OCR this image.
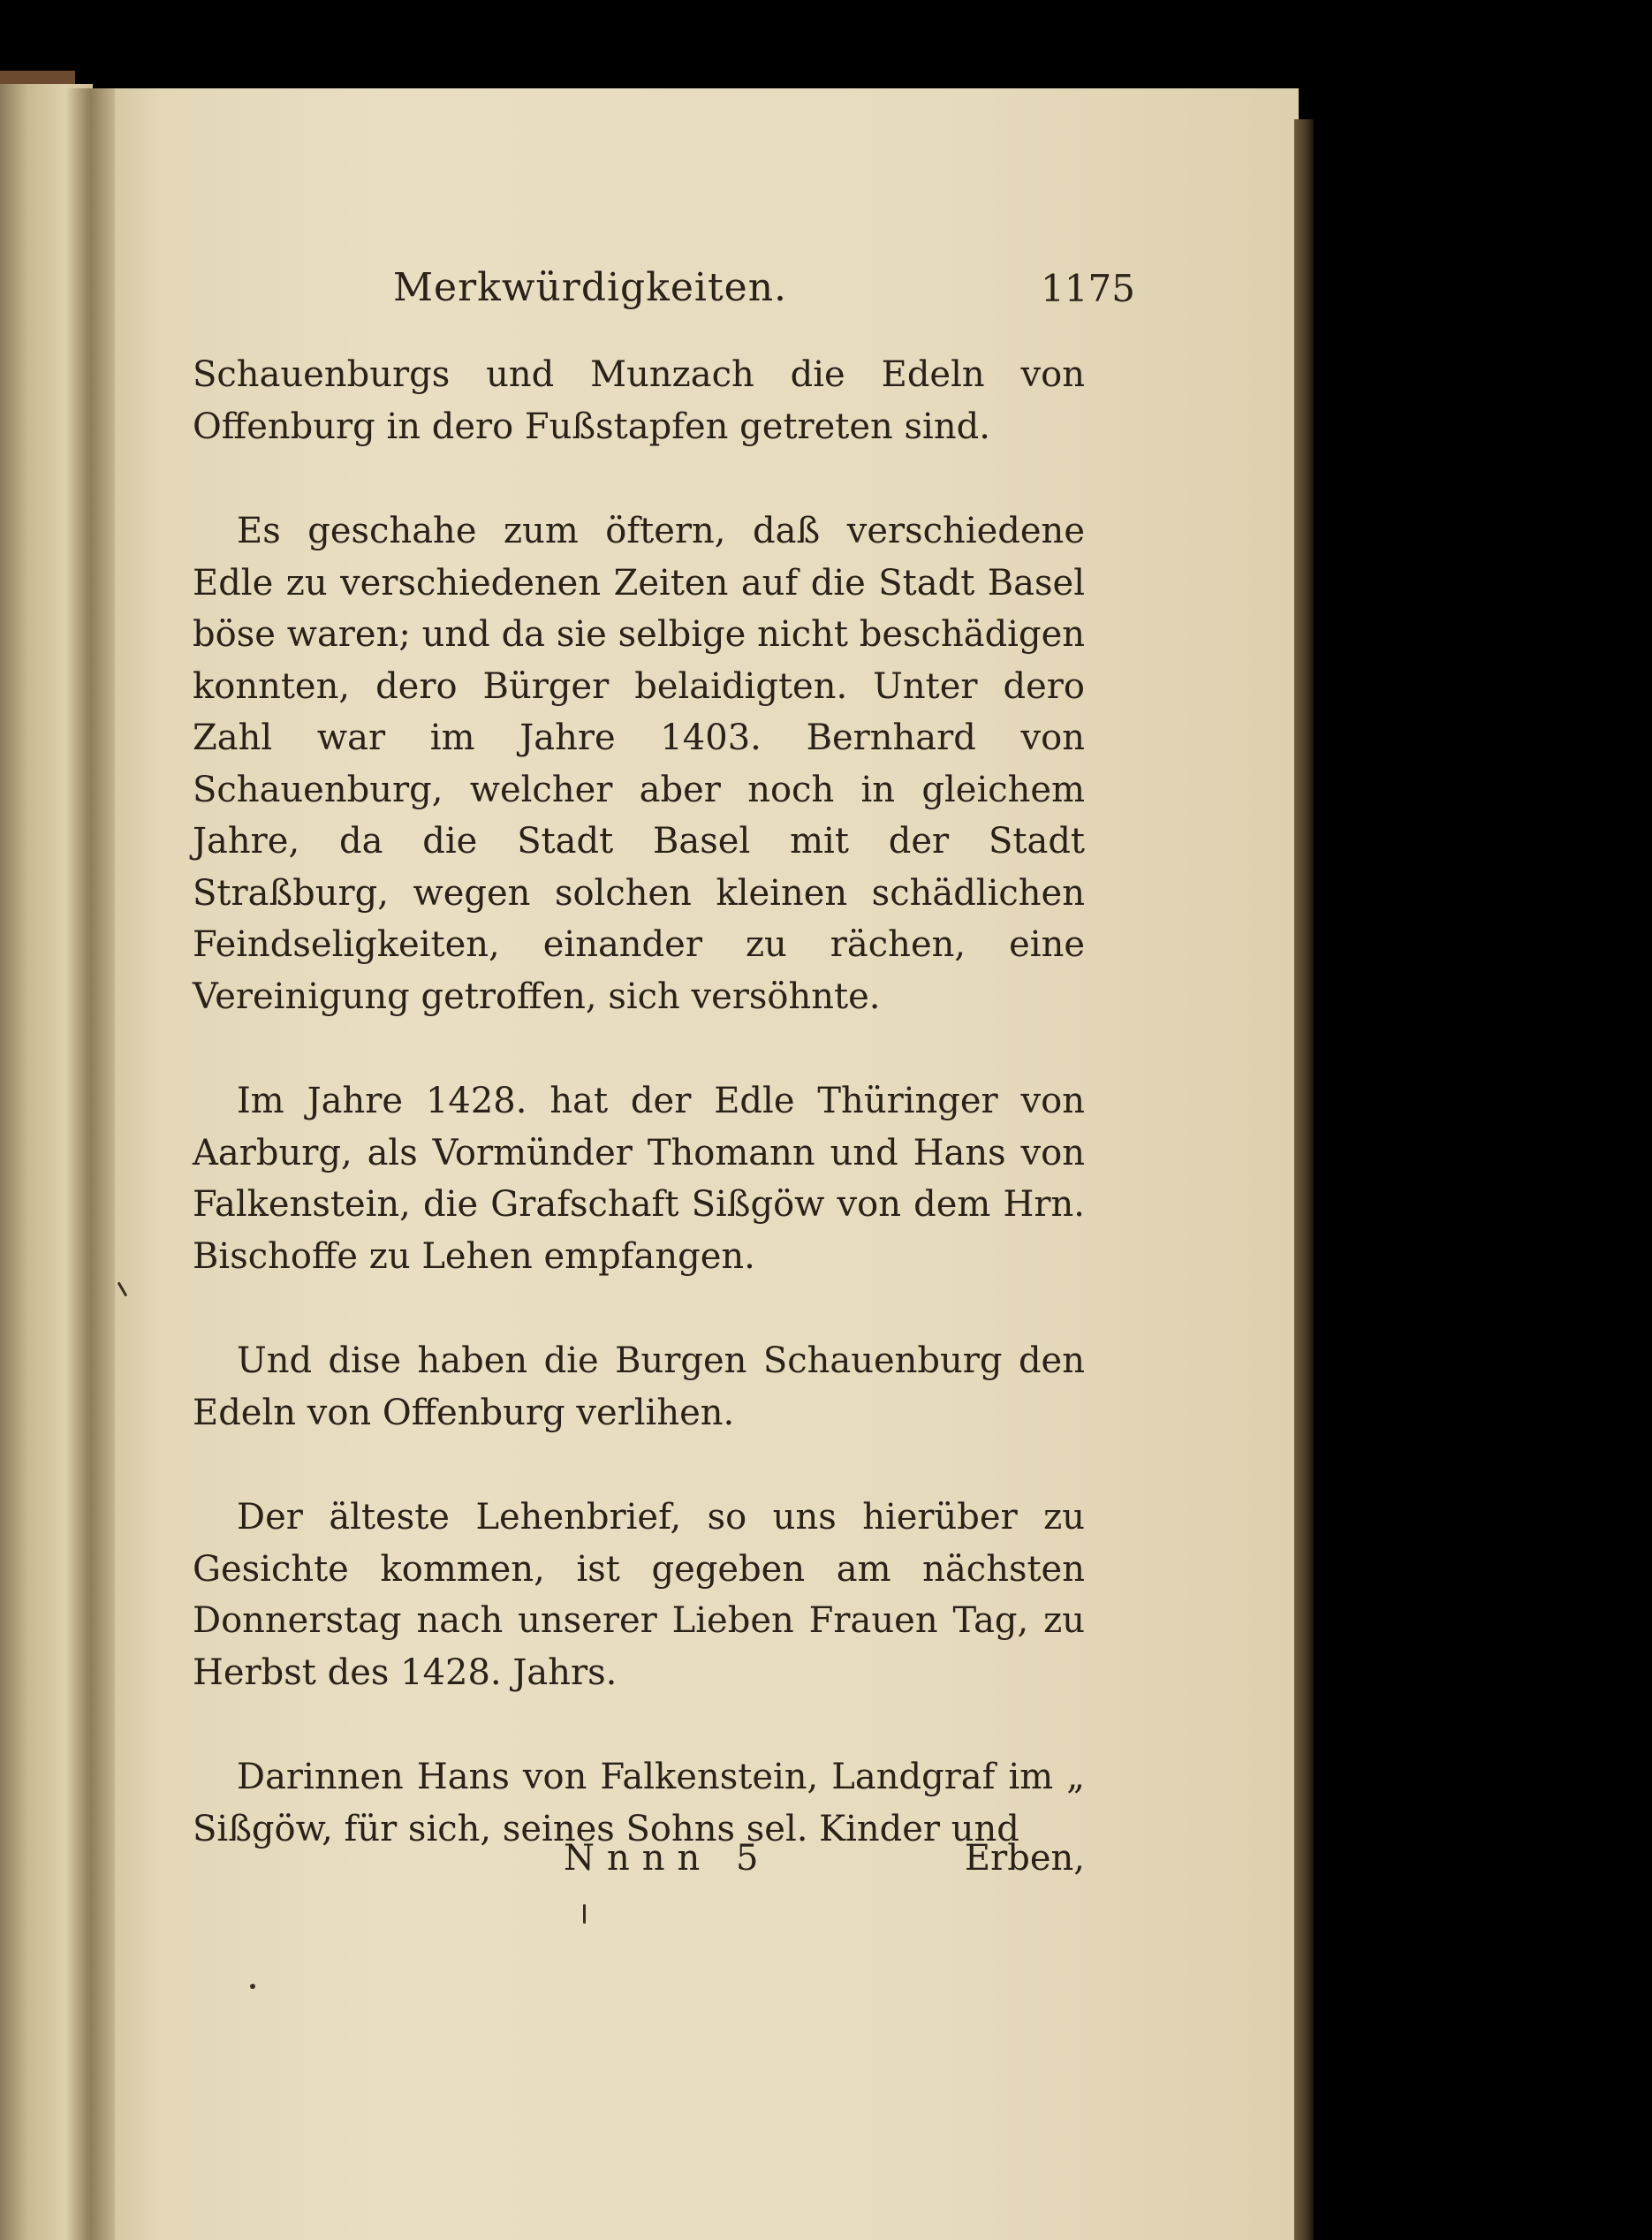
Merkwürdigkeiten.	1175

Schauenburgs und Munzach die Edeln von Offenburg in dero Fußstapfen getreten sind.

Es geschahe zum öftern, daß verschiedene Edle zu verschiedenen Zeiten auf die Stadt Basel böse waren; und da sie selbige nicht beschädigen konnten, dero Bürger belaidigten. Unter dero Zahl war im Jahre 1403. Bernhard von Schauenburg, welcher aber noch in gleichem Jahre, da die Stadt Basel mit der Stadt Straßburg, wegen solchen kleinen schädlichen Feindseligkeiten, einander zu rächen, eine Vereinigung getroffen, sich versöhnte.

Im Jahre 1428. hat der Edle Thüringer von Aarburg, als Vormünder Thomann und Hans von Falkenstein, die Grafschaft Sißgöw von dem Hrn. Bischoffe zu Lehen empfangen.

Und dise haben die Burgen Schauenburg den Edeln von Offenburg verlihen.

Der älteste Lehenbrief, so uns hierüber zu Gesichte kommen, ist gegeben am nächsten Donnerstag nach unserer Lieben Frauen Tag, zu Herbst des 1428. Jahrs.

Darinnen Hans von Falkenstein, Landgraf im „ Sißgöw, für sich, seines Sohns sel. Kinder und

Nnnn 5	Erben,
